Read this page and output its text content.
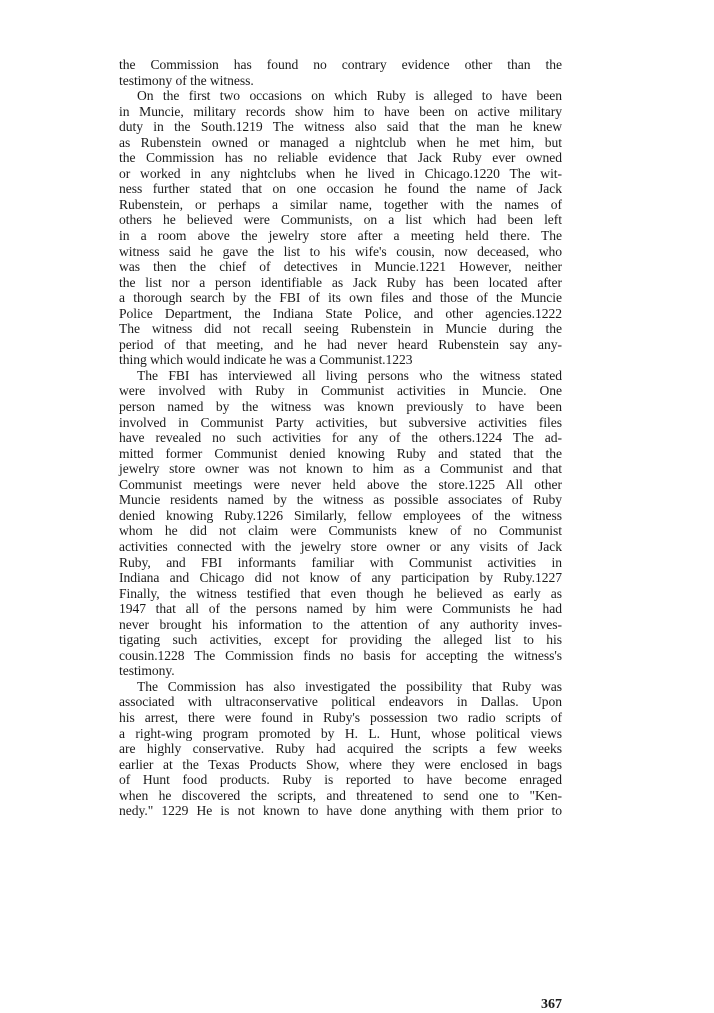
the Commission has found no contrary evidence other than the
testimony of the witness.
On the first two occasions on which Ruby is alleged to have been
in Muncie, military records show him to have been on active military
duty in the South.1219 The witness also said that the man he knew
as Rubenstein owned or managed a nightclub when he met him, but
the Commission has no reliable evidence that Jack Ruby ever owned
or worked in any nightclubs when he lived in Chicago.1220 The wit-
ness further stated that on one occasion he found the name of Jack
Rubenstein, or perhaps a similar name, together with the names of
others he believed were Communists, on a list which had been left
in a room above the jewelry store after a meeting held there. The
witness said he gave the list to his wife's cousin, now deceased, who
was then the chief of detectives in Muncie.1221 However, neither
the list nor a person identifiable as Jack Ruby has been located after
a thorough search by the FBI of its own files and those of the Muncie
Police Department, the Indiana State Police, and other agencies.1222
The witness did not recall seeing Rubenstein in Muncie during the
period of that meeting, and he had never heard Rubenstein say any-
thing which would indicate he was a Communist.1223
The FBI has interviewed all living persons who the witness stated
were involved with Ruby in Communist activities in Muncie. One
person named by the witness was known previously to have been
involved in Communist Party activities, but subversive activities files
have revealed no such activities for any of the others.1224 The ad-
mitted former Communist denied knowing Ruby and stated that the
jewelry store owner was not known to him as a Communist and that
Communist meetings were never held above the store.1225 All other
Muncie residents named by the witness as possible associates of Ruby
denied knowing Ruby.1226 Similarly, fellow employees of the witness
whom he did not claim were Communists knew of no Communist
activities connected with the jewelry store owner or any visits of Jack
Ruby, and FBI informants familiar with Communist activities in
Indiana and Chicago did not know of any participation by Ruby.1227
Finally, the witness testified that even though he believed as early as
1947 that all of the persons named by him were Communists he had
never brought his information to the attention of any authority inves-
tigating such activities, except for providing the alleged list to his
cousin.1228 The Commission finds no basis for accepting the witness's
testimony.
The Commission has also investigated the possibility that Ruby was
associated with ultraconservative political endeavors in Dallas. Upon
his arrest, there were found in Ruby's possession two radio scripts of
a right-wing program promoted by H. L. Hunt, whose political views
are highly conservative. Ruby had acquired the scripts a few weeks
earlier at the Texas Products Show, where they were enclosed in bags
of Hunt food products. Ruby is reported to have become enraged
when he discovered the scripts, and threatened to send one to "Ken-
nedy." 1229 He is not known to have done anything with them prior to
367
